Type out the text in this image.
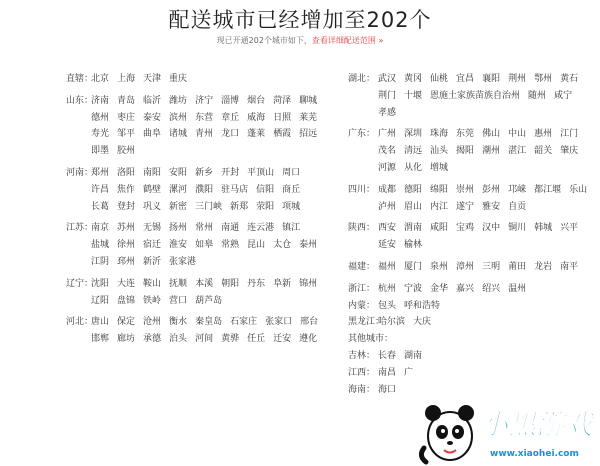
配送城市已经增加至202个
现已开通202个城市如下，查看详细配送范围 »
直辖：
北京 上海 天津 重庆
山东：
济南 青岛 临沂 潍坊 济宁 淄博 烟台 菏泽 聊城
德州 枣庄 泰安 滨州 东营 章丘 威海 日照 莱芜
寿光 邹平 曲阜 诸城 青州 龙口 蓬莱 栖霞 招远
即墨 胶州
河南：
郑州 洛阳 南阳 安阳 新乡 开封 平顶山 周口
许昌 焦作 鹤壁 漯河 濮阳 驻马店 信阳 商丘
长葛 登封 巩义 新密 三门峡 新郑 荥阳 项城
江苏：
南京 苏州 无锡 扬州 常州 南通 连云港 镇江
盐城 徐州 宿迁 淮安 如皋 常熟 昆山 太仓 泰州
江阴 邳州 新沂 张家港
辽宁：
沈阳 大连 鞍山 抚顺 本溪 朝阳 丹东 阜新 锦州
辽阳 盘锦 铁岭 营口 葫芦岛
河北：
唐山 保定 沧州 衡水 秦皇岛 石家庄 张家口 邢台
邯郸 廊坊 承德 泊头 河间 黄骅 任丘 迁安 遵化
湖北： 武汉 黄冈 仙桃 宜昌 襄阳 荆州 鄂州 黄石
荆门 十堰 恩施土家族苗族自治州 随州 咸宁
孝感
广东： 广州 深圳 珠海 东莞 佛山 中山 惠州 江门
茂名 清远 汕头 揭阳 潮州 湛江 韶关 肇庆
河源 从化 增城
四川： 成都 德阳 绵阳 崇州 彭州 邛崃 都江堰 乐山
泸州 眉山 内江 遂宁 雅安 自贡
陕西： 西安 渭南 咸阳 宝鸡 汉中 铜川 韩城 兴平
延安 榆林
福建： 福州 厦门 泉州 漳州 三明 莆田 龙岩 南平
浙江： 杭州 宁波 金华 嘉兴 绍兴 温州
内蒙： 包头 呼和浩特
黑龙江：
哈尔滨 大庆
其他城市：
吉林： 长春 湖南
江西： 南昌 广
海南： 海口
小黑游戏
www.xiaohei.com
